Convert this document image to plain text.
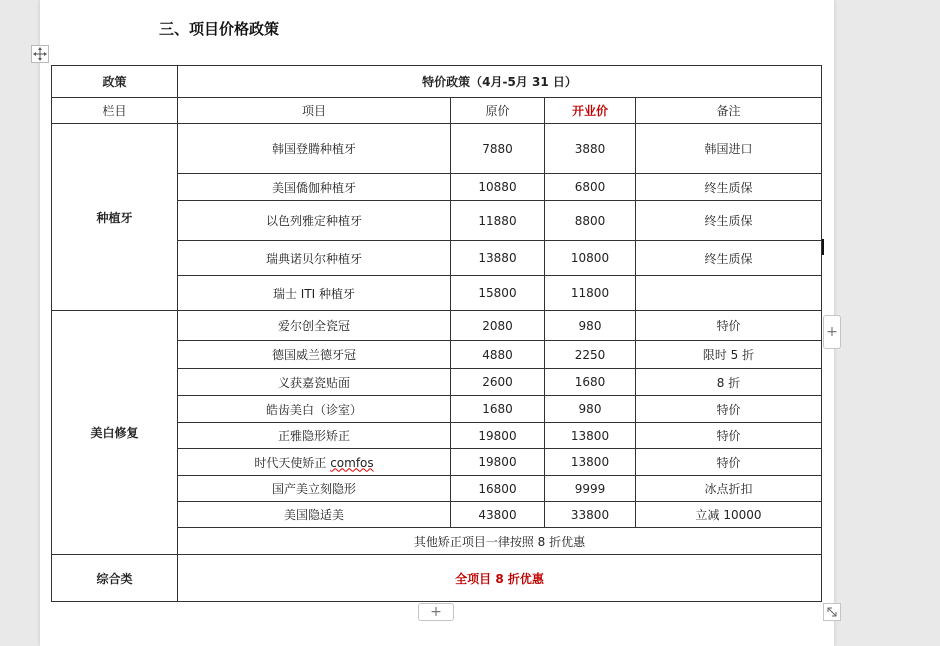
三、项目价格政策
政策	特价政策（4月-5月 31 日）			
栏目	项目	原价	开业价	备注
种植牙	韩国登腾种植牙	7880	3880	韩国进口
	美国僑伽种植牙	10880	6800	终生质保
	以色列雅定种植牙	11880	8800	终生质保
	瑞典诺贝尔种植牙	13880	10800	终生质保
	瑞士 ITI 种植牙	15800	11800	
美白修复	爱尔创全瓷冠	2080	980	特价
	德国威兰德牙冠	4880	2250	限时 5 折
	义获嘉瓷贴面	2600	1680	8 折
	皓齿美白（诊室）	1680	980	特价
	正雅隐形矫正	19800	13800	特价
	时代天使矫正 comfos	19800	13800	特价
	国产美立刻隐形	16800	9999	冰点折扣
	美国隐适美	43800	33800	立减 10000
	其他矫正项目一律按照 8 折优惠			
综合类	全项目 8 折优惠			
+
+
